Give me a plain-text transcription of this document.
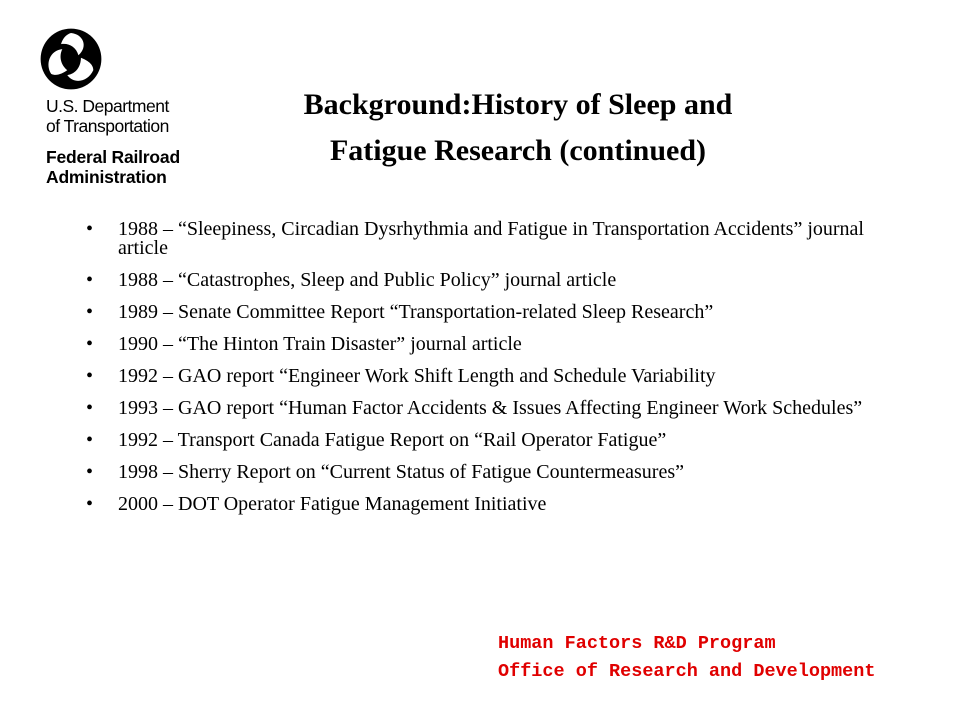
U.S. Department
of Transportation
Federal Railroad
Administration
Background:History of Sleep and
Fatigue Research (continued)
• 1988 – “Sleepiness, Circadian Dysrhythmia and Fatigue in Transportation Accidents” journal article
• 1988 – “Catastrophes, Sleep and Public Policy” journal article
• 1989 – Senate Committee Report “Transportation-related Sleep Research”
• 1990 – “The Hinton Train Disaster” journal article
• 1992 – GAO report “Engineer Work Shift Length and Schedule Variability
• 1993 – GAO report “Human Factor Accidents & Issues Affecting Engineer Work Schedules”
• 1992 – Transport Canada Fatigue Report on “Rail Operator Fatigue”
• 1998 – Sherry Report on “Current Status of Fatigue Countermeasures”
• 2000 – DOT Operator Fatigue Management Initiative
Human Factors R&D Program
Office of Research and Development
